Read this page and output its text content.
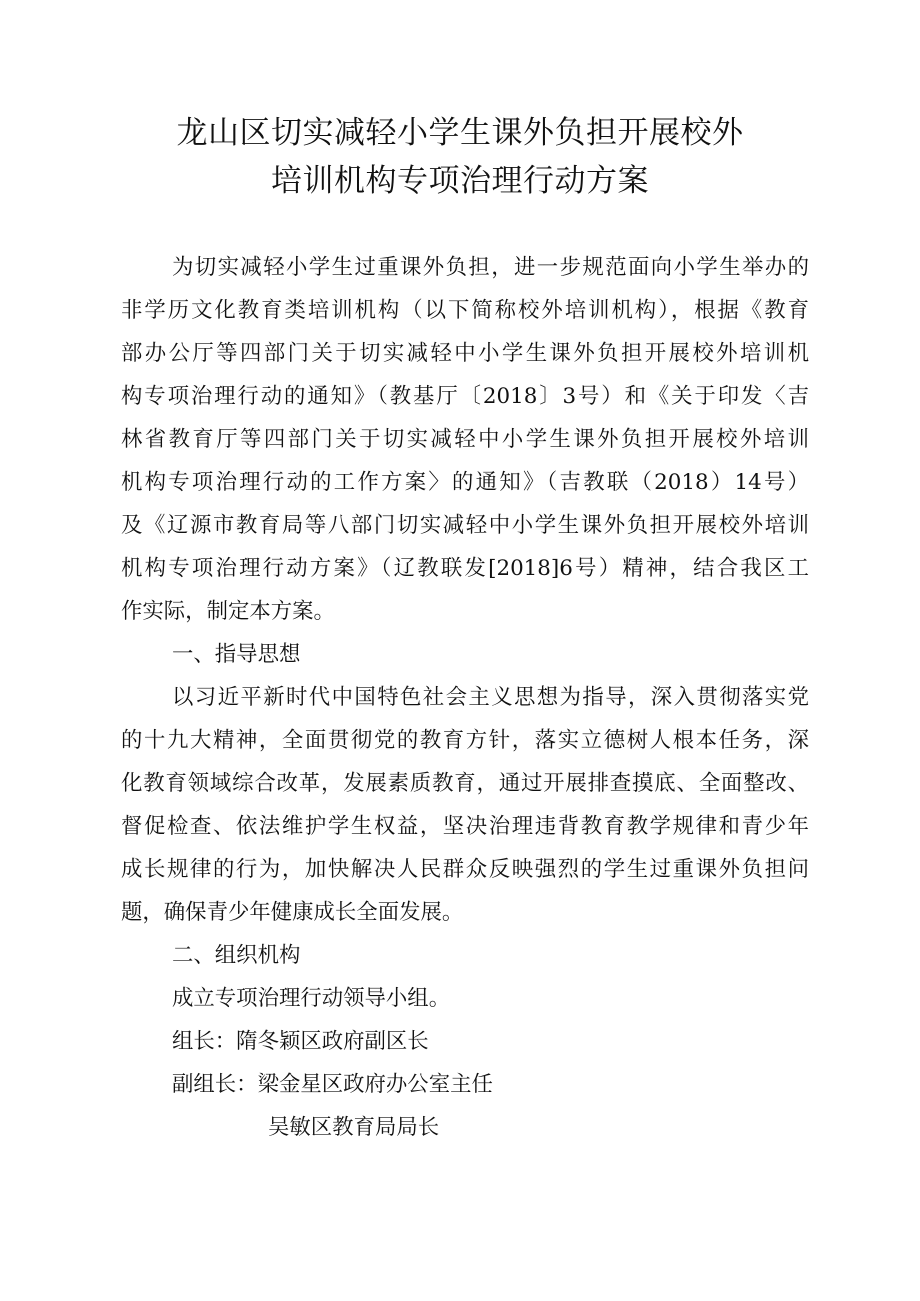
龙山区切实减轻小学生课外负担开展校外
培训机构专项治理行动方案
为切实减轻小学生过重课外负担，进一步规范面向小学生举办的
非学历文化教育类培训机构（以下简称校外培训机构），根据《教育
部办公厅等四部门关于切实减轻中小学生课外负担开展校外培训机
构专项治理行动的通知》（教基厅〔2018〕3号）和《关于印发〈吉
林省教育厅等四部门关于切实减轻中小学生课外负担开展校外培训
机构专项治理行动的工作方案〉的通知》（吉教联（2018）14号）
及《辽源市教育局等八部门切实减轻中小学生课外负担开展校外培训
机构专项治理行动方案》（辽教联发[2018]6号）精神，结合我区工
作实际，制定本方案。
一、指导思想
以习近平新时代中国特色社会主义思想为指导，深入贯彻落实党
的十九大精神，全面贯彻党的教育方针，落实立德树人根本任务，深
化教育领域综合改革，发展素质教育，通过开展排查摸底、全面整改、
督促检查、依法维护学生权益，坚决治理违背教育教学规律和青少年
成长规律的行为，加快解决人民群众反映强烈的学生过重课外负担问
题，确保青少年健康成长全面发展。
二、组织机构
成立专项治理行动领导小组。
组长：隋冬颖区政府副区长
副组长：梁金星区政府办公室主任
吴敏区教育局局长
